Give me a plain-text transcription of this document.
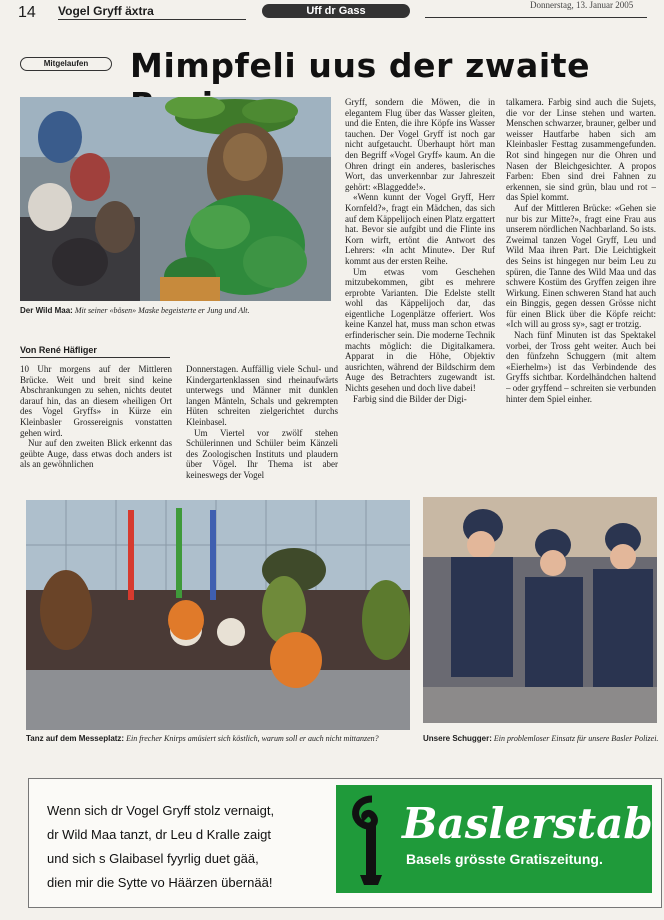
14 Vogel Gryff äxtra	Uff dr Gass	Donnerstag, 13. Januar 2005
Mitgelaufen	Mimpfeli uus der zwaite
Der Wild Maa: Mit seiner «bösen» Maske begeisterte er Jung und Alt.
Von René Häfliger

10 Uhr morgens auf der Mittleren Brücke. Weit und breit sind keine Abschrankungen zu sehen, nichts deutet darauf hin, das an diesem «heiligen Ort des Vogel Gryffs» in Kürze ein Kleinbasler Grossereignis vonstatten gehen wird.

Nur auf den zweiten Blick erkennt das geübte Auge, dass etwas doch anders ist als an gewöhnlichen

Donnerstagen. Auffällig viele Schul- und Kindergartenklassen sind rheinaufwärts unterwegs und Männer mit dunklen langen Mänteln, Schals und gekrempten Hüten schreiten zielgerichtet durchs Kleinbasel.

Um Viertel vor zwölf stehen Schülerinnen und Schüler beim Känzeli des Zoologischen Instituts und plaudern über Vögel. Ihr Thema ist aber keineswegs der Vogel

Gryff, sondern die Möwen, die in elegantem Flug über das Wasser gleiten, und die Enten, die ihre Köpfe ins Wasser tauchen. Der Vogel Gryff ist noch gar nicht aufgetaucht. Überhaupt hört man den Begriff «Vogel Gryff» kaum. An die Ohren dringt ein anderes, baslerisches Wort, das unverkennbar zur Jahreszeit gehört: «Blaggedde!».

«Wenn kunnt der Vogel Gryff, Herr Kornfeld?», fragt ein Mädchen, das sich auf dem Käppelijoch einen Platz ergattert hat. Bevor sie aufgibt und die Flinte ins Korn wirft, ertönt die Antwort des Lehrers: «In acht Minute». Der Ruf kommt aus der ersten Reihe.

Um etwas vom Geschehen mitzubekommen, gibt es mehrere erprobte Varianten. Die Edelste stellt wohl das Käppelijoch dar, das eigentliche Logenplätze offeriert. Wos keine Kanzel hat, muss man schon etwas erfinderischer sein. Die moderne Technik machts möglich: die Digitalkamera. Apparat in die Höhe, Objektiv ausrichten, während der Bildschirm dem Auge des Betrachters zugewandt ist. Nichts gesehen und doch live dabei!

Farbig sind die Bilder der Digi-

talkamera. Farbig sind auch die Sujets, die vor der Linse stehen und warten. Menschen schwarzer, brauner, gelber und weisser Hautfarbe haben sich am Kleinbasler Festtag zusammengefunden. Rot sind hingegen nur die Ohren und Nasen der Bleichgesichter. A propos Farben: Eben sind drei Fahnen zu erkennen, sie sind grün, blau und rot – das Spiel kommt.

Auf der Mittleren Brücke: «Gehen sie nur bis zur Mitte?», fragt eine Frau aus unserem nördlichen Nachbarland. So ists. Zweimal tanzen Vogel Gryff, Leu und Wild Maa ihren Part. Die Leichtigkeit des Seins ist hingegen nur beim Leu zu spüren, die Tanne des Wild Maa und das schwere Kostüm des Gryffen zeigen ihre Wirkung. Einen schweren Stand hat auch ein Binggis, gegen dessen Grösse nicht für einen Blick über die Köpfe reicht: «Ich will au gross sy», sagt er trotzig.

Nach fünf Minuten ist das Spektakel vorbei, der Tross geht weiter. Auch bei den fünfzehn Schuggern (mit altem «Eierhelm») ist das Verbindende des Gryffs sichtbar. Kordelhändchen haltend – oder gryffend – schreiten sie verbunden hinter dem Spiel einher.

Tanz auf dem Messeplatz: Ein frecher Knirps amüsiert sich köstlich, warum soll er auch nicht mittanzen?	Unsere Schugger: Ein problemloser Einsatz für unsere Basler Polizei.
Wenn sich dr Vogel Gryff stolz vernaigt,
dr Wild Maa tanzt, dr Leu d Kralle zaigt
und sich s Glaibasel fyyrlig duet gää,
dien mir die Sytte vo Häärzen übernää!
Baslerstab
Basels grösste Gratiszeitung.
